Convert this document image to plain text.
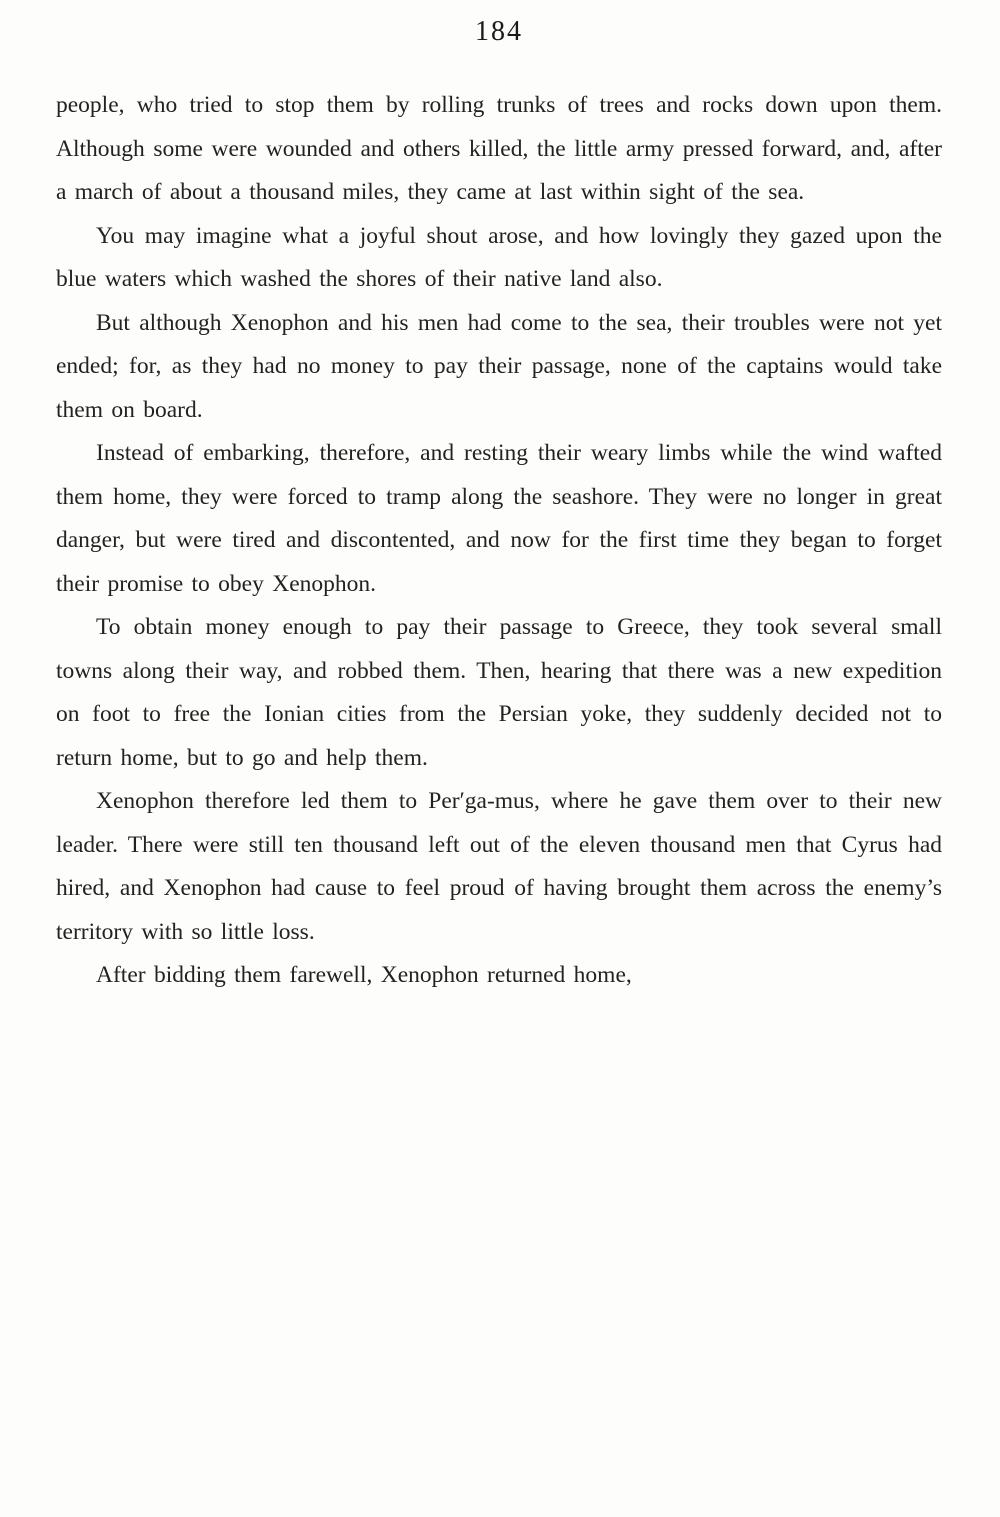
184

people, who tried to stop them by rolling trunks of trees and rocks down upon them. Although some were wounded and others killed, the little army pressed forward, and, after a march of about a thousand miles, they came at last within sight of the sea.

You may imagine what a joyful shout arose, and how lovingly they gazed upon the blue waters which washed the shores of their native land also.

But although Xenophon and his men had come to the sea, their troubles were not yet ended; for, as they had no money to pay their passage, none of the captains would take them on board.

Instead of embarking, therefore, and resting their weary limbs while the wind wafted them home, they were forced to tramp along the seashore. They were no longer in great danger, but were tired and discontented, and now for the first time they began to forget their promise to obey Xenophon.

To obtain money enough to pay their passage to Greece, they took several small towns along their way, and robbed them. Then, hearing that there was a new expedition on foot to free the Ionian cities from the Persian yoke, they suddenly decided not to return home, but to go and help them.

Xenophon therefore led them to Per′ga-mus, where he gave them over to their new leader. There were still ten thousand left out of the eleven thousand men that Cyrus had hired, and Xenophon had cause to feel proud of having brought them across the enemy’s territory with so little loss.

After bidding them farewell, Xenophon returned home,
